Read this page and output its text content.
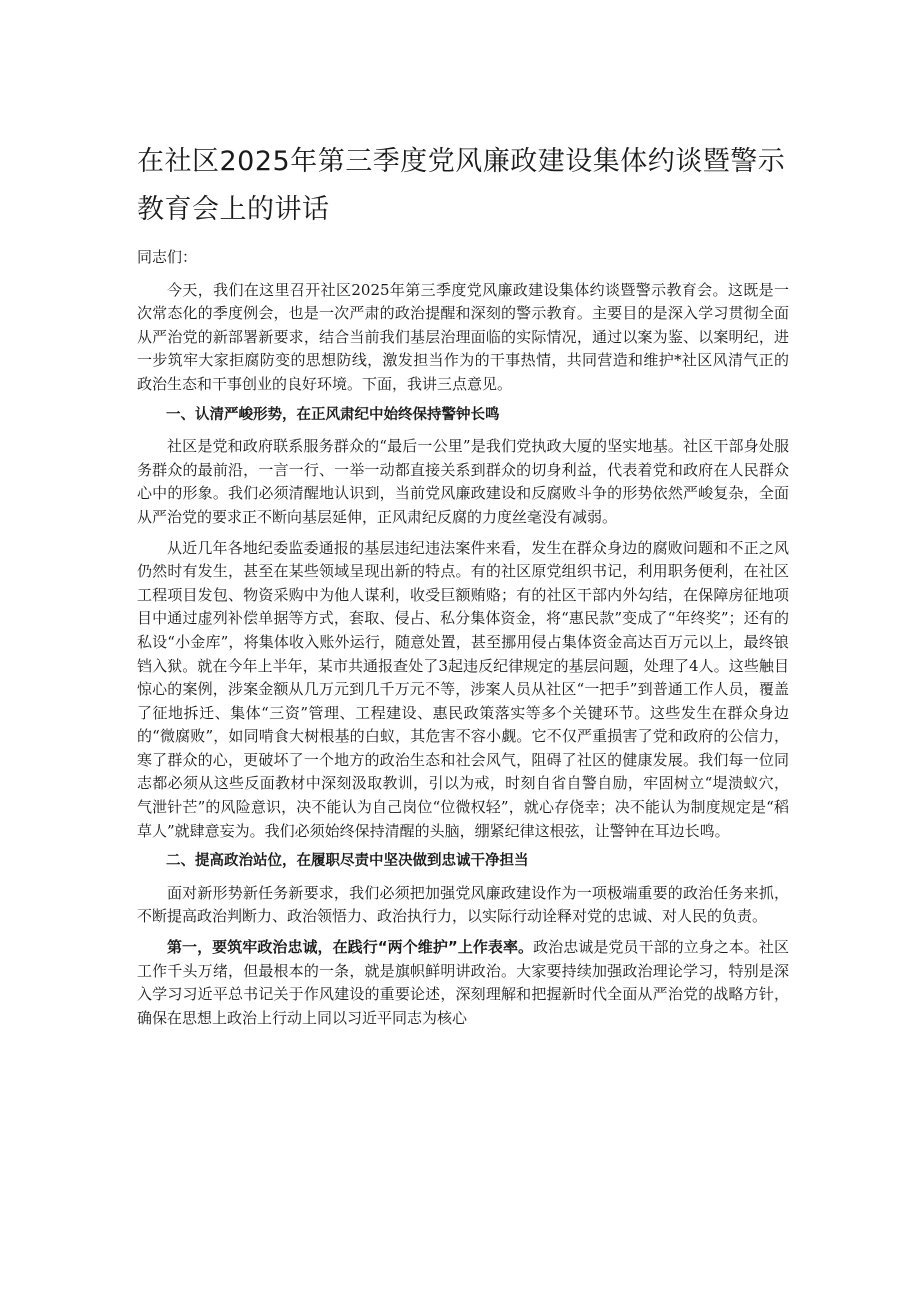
在社区2025年第三季度党风廉政建设集体约谈暨警示教育会上的讲话

同志们：

今天，我们在这里召开社区2025年第三季度党风廉政建设集体约谈暨警示教育会。这既是一次常态化的季度例会，也是一次严肃的政治提醒和深刻的警示教育。主要目的是深入学习贯彻全面从严治党的新部署新要求，结合当前我们基层治理面临的实际情况，通过以案为鉴、以案明纪，进一步筑牢大家拒腐防变的思想防线，激发担当作为的干事热情，共同营造和维护*社区风清气正的政治生态和干事创业的良好环境。下面，我讲三点意见。

一、认清严峻形势，在正风肃纪中始终保持警钟长鸣

社区是党和政府联系服务群众的“最后一公里”是我们党执政大厦的坚实地基。社区干部身处服务群众的最前沿，一言一行、一举一动都直接关系到群众的切身利益，代表着党和政府在人民群众心中的形象。我们必须清醒地认识到，当前党风廉政建设和反腐败斗争的形势依然严峻复杂，全面从严治党的要求正不断向基层延伸，正风肃纪反腐的力度丝毫没有减弱。

从近几年各地纪委监委通报的基层违纪违法案件来看，发生在群众身边的腐败问题和不正之风仍然时有发生，甚至在某些领域呈现出新的特点。有的社区原党组织书记，利用职务便利，在社区工程项目发包、物资采购中为他人谋利，收受巨额贿赂；有的社区干部内外勾结，在保障房征地项目中通过虚列补偿单据等方式，套取、侵占、私分集体资金，将“惠民款”变成了“年终奖”；还有的私设“小金库”，将集体收入账外运行，随意处置，甚至挪用侵占集体资金高达百万元以上，最终锒铛入狱。就在今年上半年，某市共通报查处了3起违反纪律规定的基层问题，处理了4人。这些触目惊心的案例，涉案金额从几万元到几千万元不等，涉案人员从社区“一把手”到普通工作人员，覆盖了征地拆迁、集体“三资”管理、工程建设、惠民政策落实等多个关键环节。这些发生在群众身边的“微腐败”，如同啃食大树根基的白蚁，其危害不容小觑。它不仅严重损害了党和政府的公信力，寒了群众的心，更破坏了一个地方的政治生态和社会风气，阻碍了社区的健康发展。我们每一位同志都必须从这些反面教材中深刻汲取教训，引以为戒，时刻自省自警自励，牢固树立“堤溃蚁穴，气泄针芒”的风险意识，决不能认为自己岗位“位微权轻”，就心存侥幸；决不能认为制度规定是“稻草人”就肆意妄为。我们必须始终保持清醒的头脑，绷紧纪律这根弦，让警钟在耳边长鸣。

二、提高政治站位，在履职尽责中坚决做到忠诚干净担当

面对新形势新任务新要求，我们必须把加强党风廉政建设作为一项极端重要的政治任务来抓，不断提高政治判断力、政治领悟力、政治执行力，以实际行动诠释对党的忠诚、对人民的负责。

第一，要筑牢政治忠诚，在践行“两个维护”上作表率。政治忠诚是党员干部的立身之本。社区工作千头万绪，但最根本的一条，就是旗帜鲜明讲政治。大家要持续加强政治理论学习，特别是深入学习习近平总书记关于作风建设的重要论述，深刻理解和把握新时代全面从严治党的战略方针，确保在思想上政治上行动上同以习近平同志为核心
